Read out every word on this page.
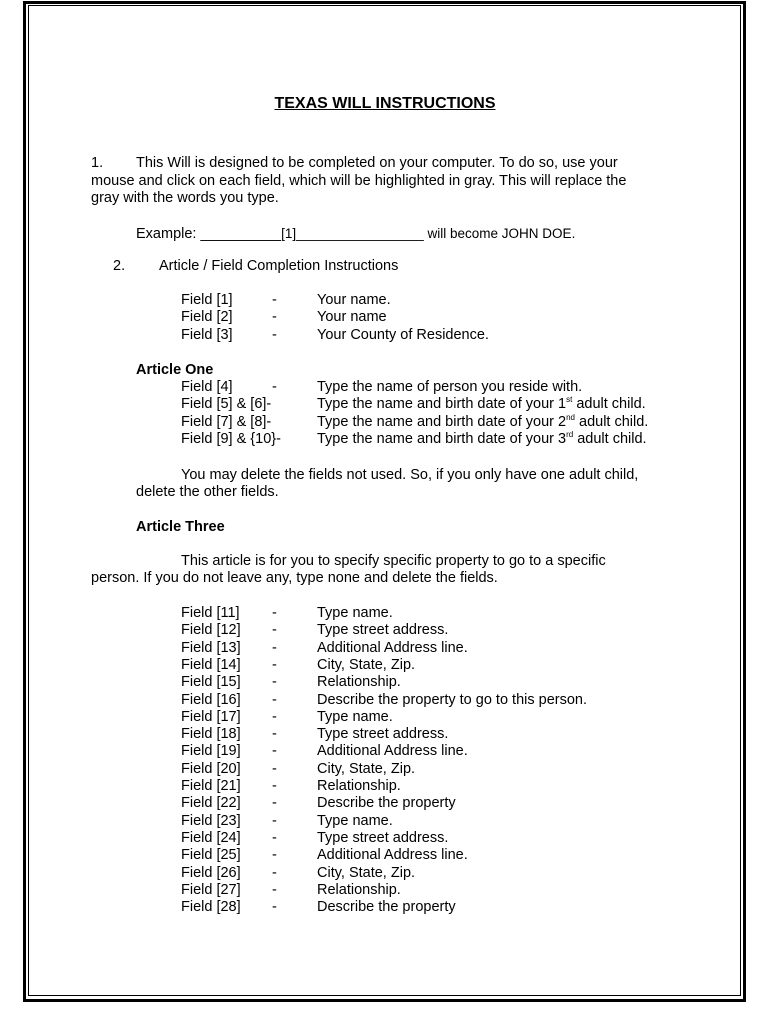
TEXAS WILL INSTRUCTIONS
1. This Will is designed to be completed on your computer. To do so, use your
mouse and click on each field, which will be highlighted in gray. This will replace the
gray with the words you type.
Example: __________[1]_________________ will become JOHN DOE.
2. Article / Field Completion Instructions
Field [1]	-	Your name.
Field [2]	-	Your name
Field [3]	-	Your County of Residence.
Article One
Field [4]	-	Type the name of person you reside with.
Field [5] & [6]-	Type the name and birth date of your 1st adult child.
Field [7] & [8]-	Type the name and birth date of your 2nd adult child.
Field [9] & {10}- Type the name and birth date of your 3rd adult child.
You may delete the fields not used. So, if you only have one adult child,
delete the other fields.
Article Three
This article is for you to specify specific property to go to a specific
person. If you do not leave any, type none and delete the fields.
Field [11] -	Type name.
Field [12] -	Type street address.
Field [13] -	Additional Address line.
Field [14] -	City, State, Zip.
Field [15] -	Relationship.
Field [16] -	Describe the property to go to this person.
Field [17] -	Type name.
Field [18] -	Type street address.
Field [19] -	Additional Address line.
Field [20] -	City, State, Zip.
Field [21] -	Relationship.
Field [22] -	Describe the property
Field [23] -	Type name.
Field [24] -	Type street address.
Field [25] -	Additional Address line.
Field [26] -	City, State, Zip.
Field [27] -	Relationship.
Field [28] -	Describe the property
